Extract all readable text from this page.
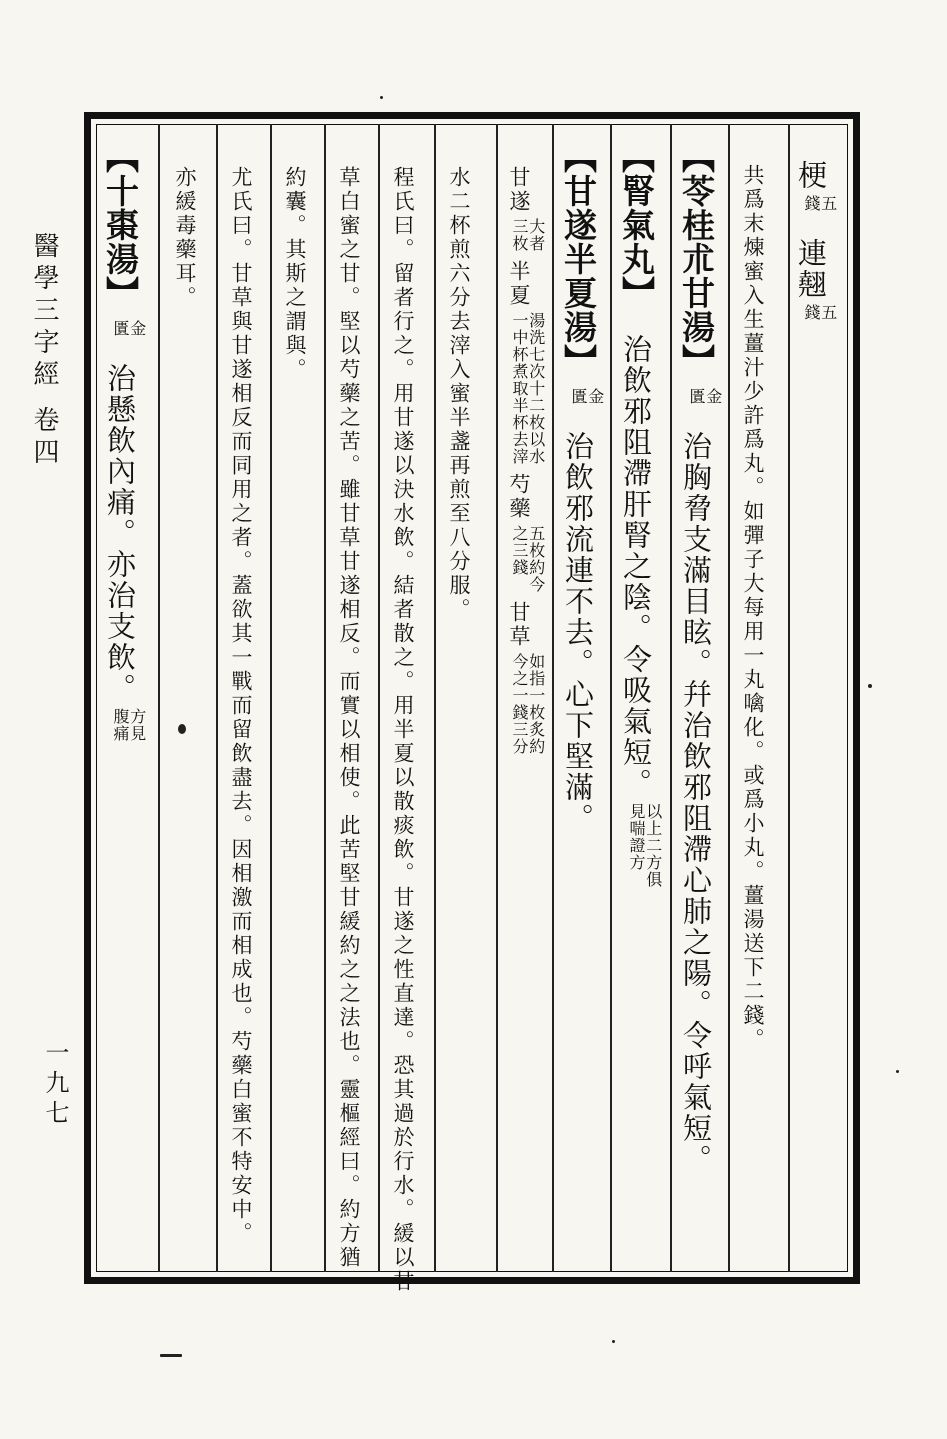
醫學三字經 卷四
一九七
梗五
錢連翹五
錢
共爲末煉蜜入生薑汁少許爲丸。如彈子大每用一丸噙化。或爲小丸。薑湯送下二錢。
【苓桂朮甘湯】金
匱治胸脅支滿目眩。幷治飲邪阻滯心肺之陽。令呼氣短。
【腎氣丸】治飲邪阻滯肝腎之陰。令吸氣短。以上二方俱
見喘證方
【甘遂半夏湯】金
匱治飲邪流連不去。心下堅滿。
甘遂大者
三枚半夏湯洗七次十二枚以水
一中杯煮取半杯去滓芍藥五枚約今
之三錢甘草如指一枚炙約
今之一錢三分
水二杯煎六分去滓入蜜半盞再煎至八分服。
程氏曰。留者行之。用甘遂以決水飲。結者散之。用半夏以散痰飲。甘遂之性直達。恐其過於行水。緩以甘
草白蜜之甘。堅以芍藥之苦。雖甘草甘遂相反。而實以相使。此苦堅甘緩約之之法也。靈樞經曰。約方猶
約囊。其斯之謂與。
尤氏曰。甘草與甘遂相反而同用之者。蓋欲其一戰而留飲盡去。因相激而相成也。芍藥白蜜不特安中。
亦緩毒藥耳。
【十棗湯】金
匱治懸飲內痛。亦治支飲。方見
腹痛
